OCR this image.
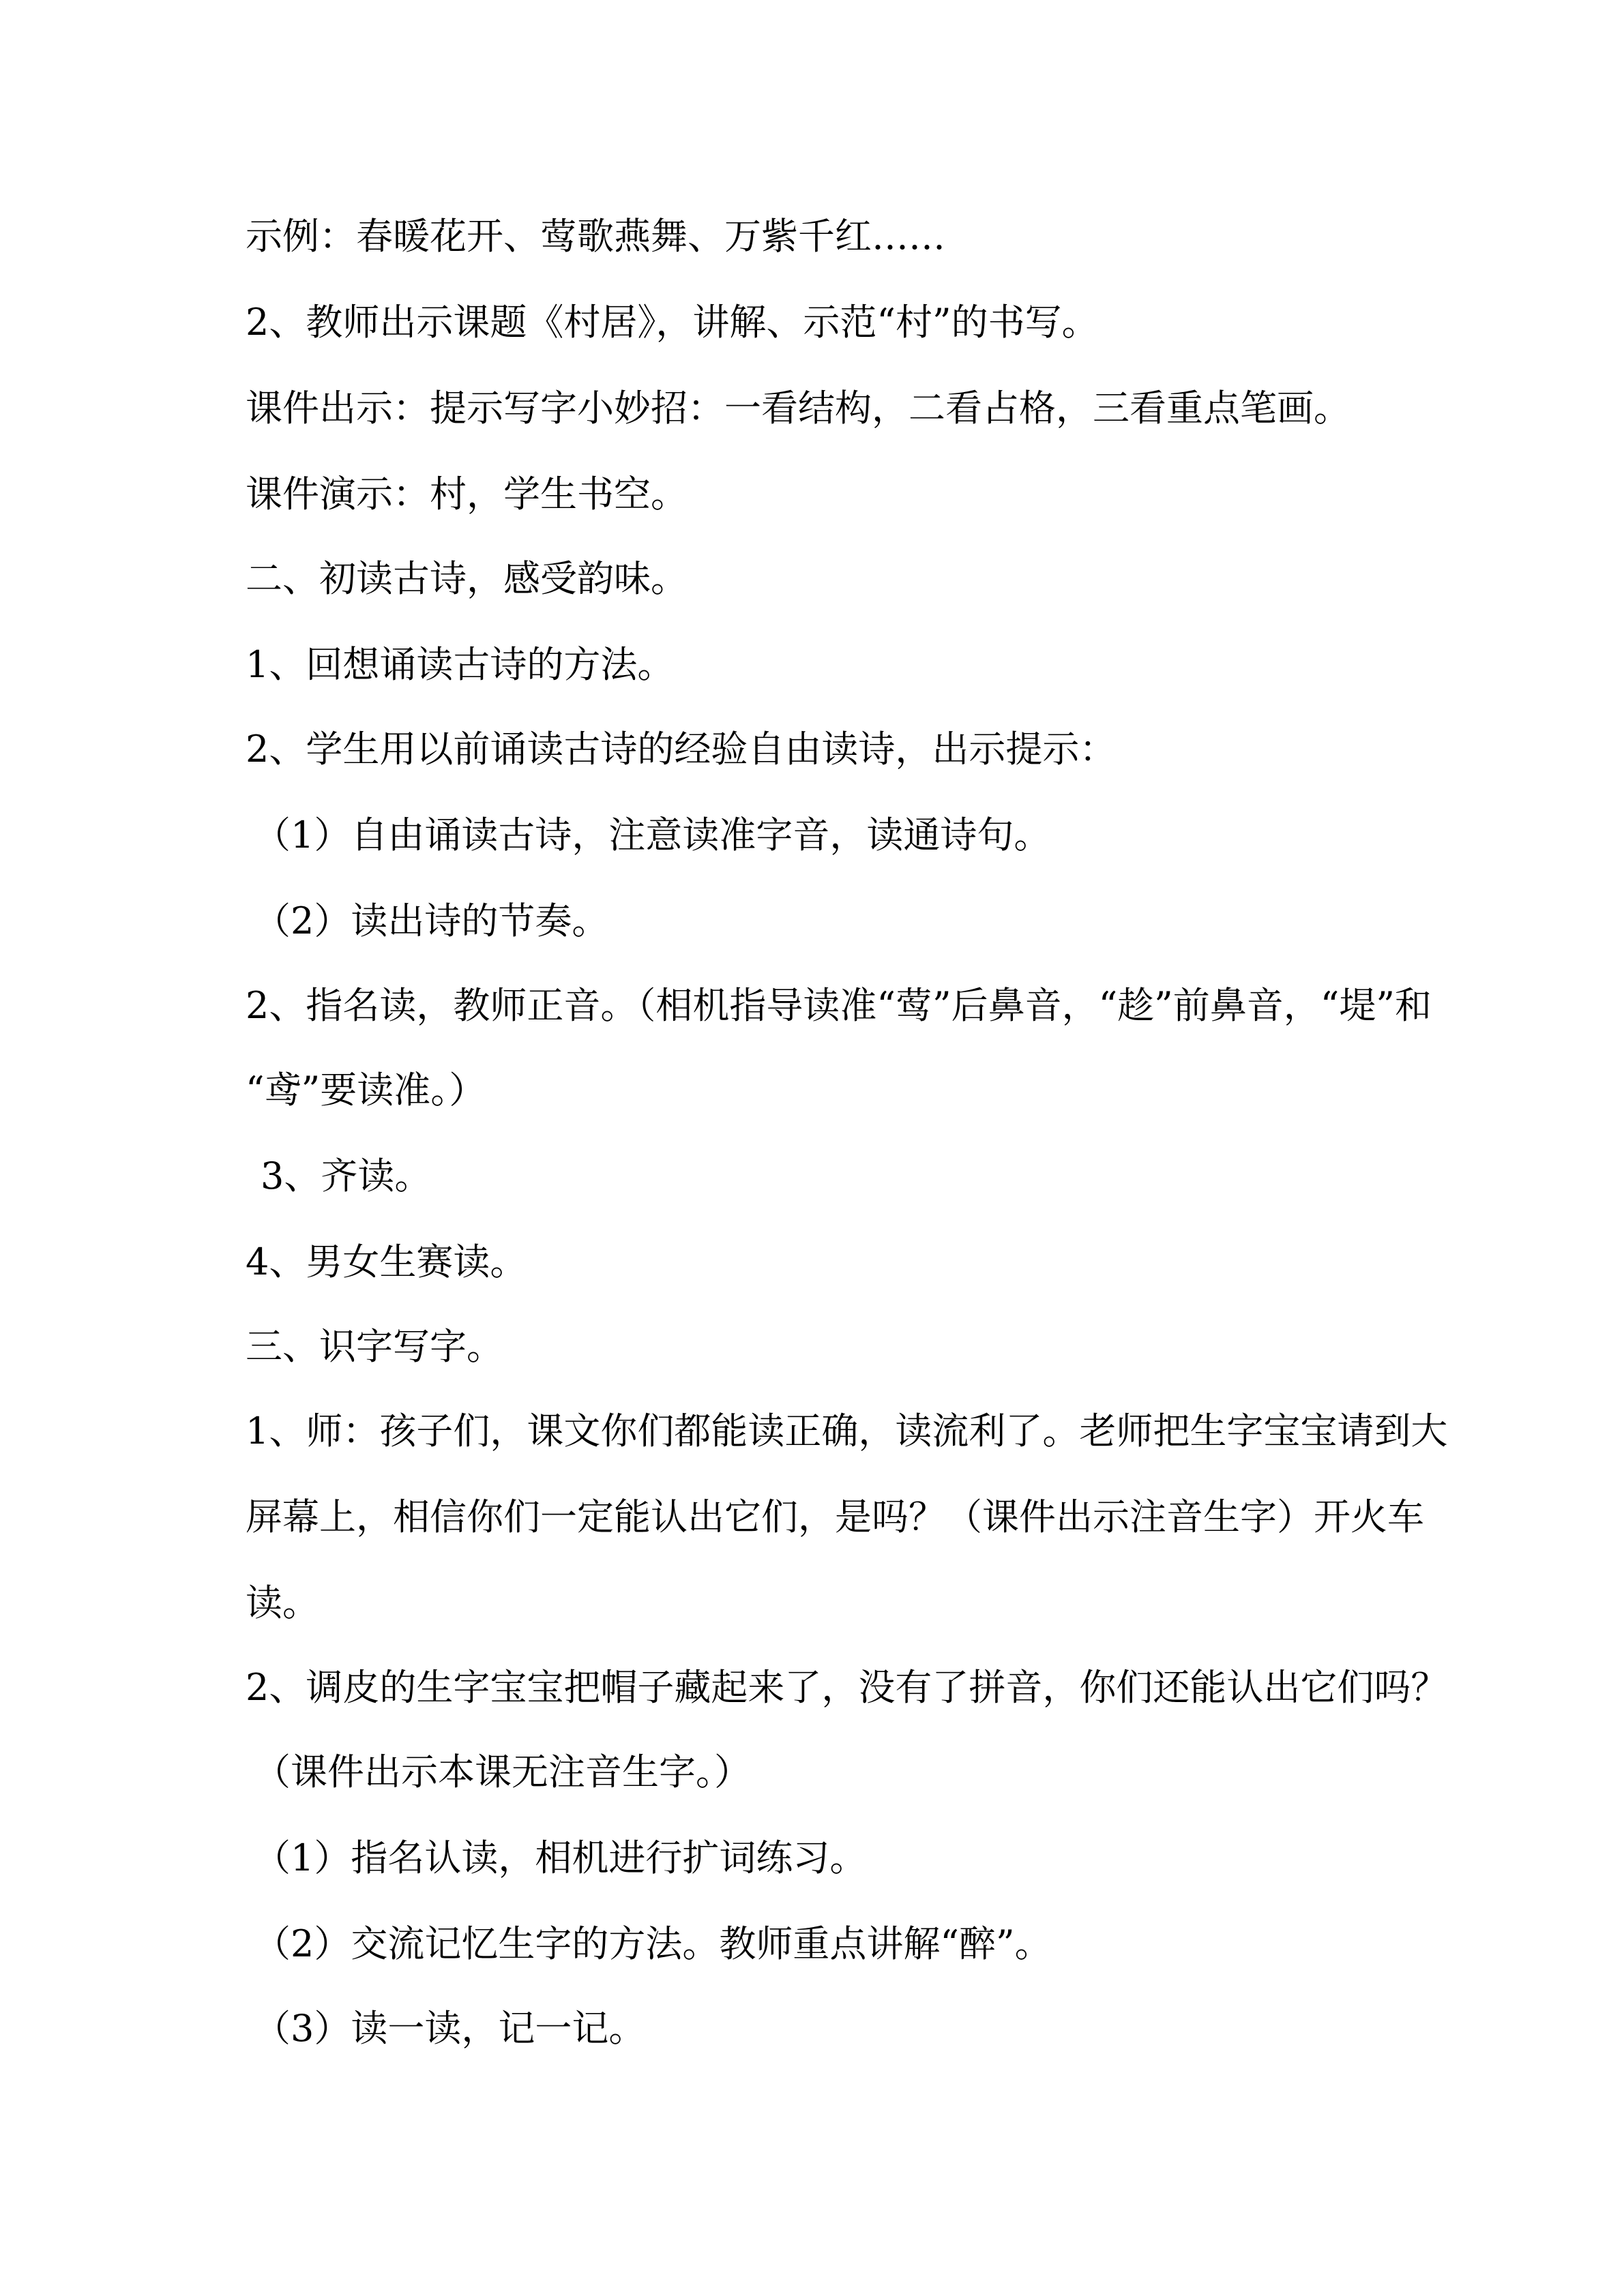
示例：春暖花开、莺歌燕舞、万紫千红……
2、教师出示课题《村居》，讲解、示范“村”的书写。
课件出示：提示写字小妙招：一看结构，二看占格，三看重点笔画。
课件演示：村，学生书空。
二、初读古诗，感受韵味。
1、回想诵读古诗的方法。
2、学生用以前诵读古诗的经验自由读诗，出示提示：
（1）自由诵读古诗，注意读准字音，读通诗句。
（2）读出诗的节奏。
2、指名读，教师正音。（相机指导读准“莺”后鼻音，“趁”前鼻音，“堤”和
“鸢”要读准。）
3、齐读。
4、男女生赛读。
三、识字写字。
1、师：孩子们，课文你们都能读正确，读流利了。老师把生字宝宝请到大
屏幕上，相信你们一定能认出它们，是吗？（课件出示注音生字）开火车
读。
2、调皮的生字宝宝把帽子藏起来了，没有了拼音，你们还能认出它们吗？
（课件出示本课无注音生字。）
（1）指名认读，相机进行扩词练习。
（2）交流记忆生字的方法。教师重点讲解“醉”。
（3）读一读，记一记。
